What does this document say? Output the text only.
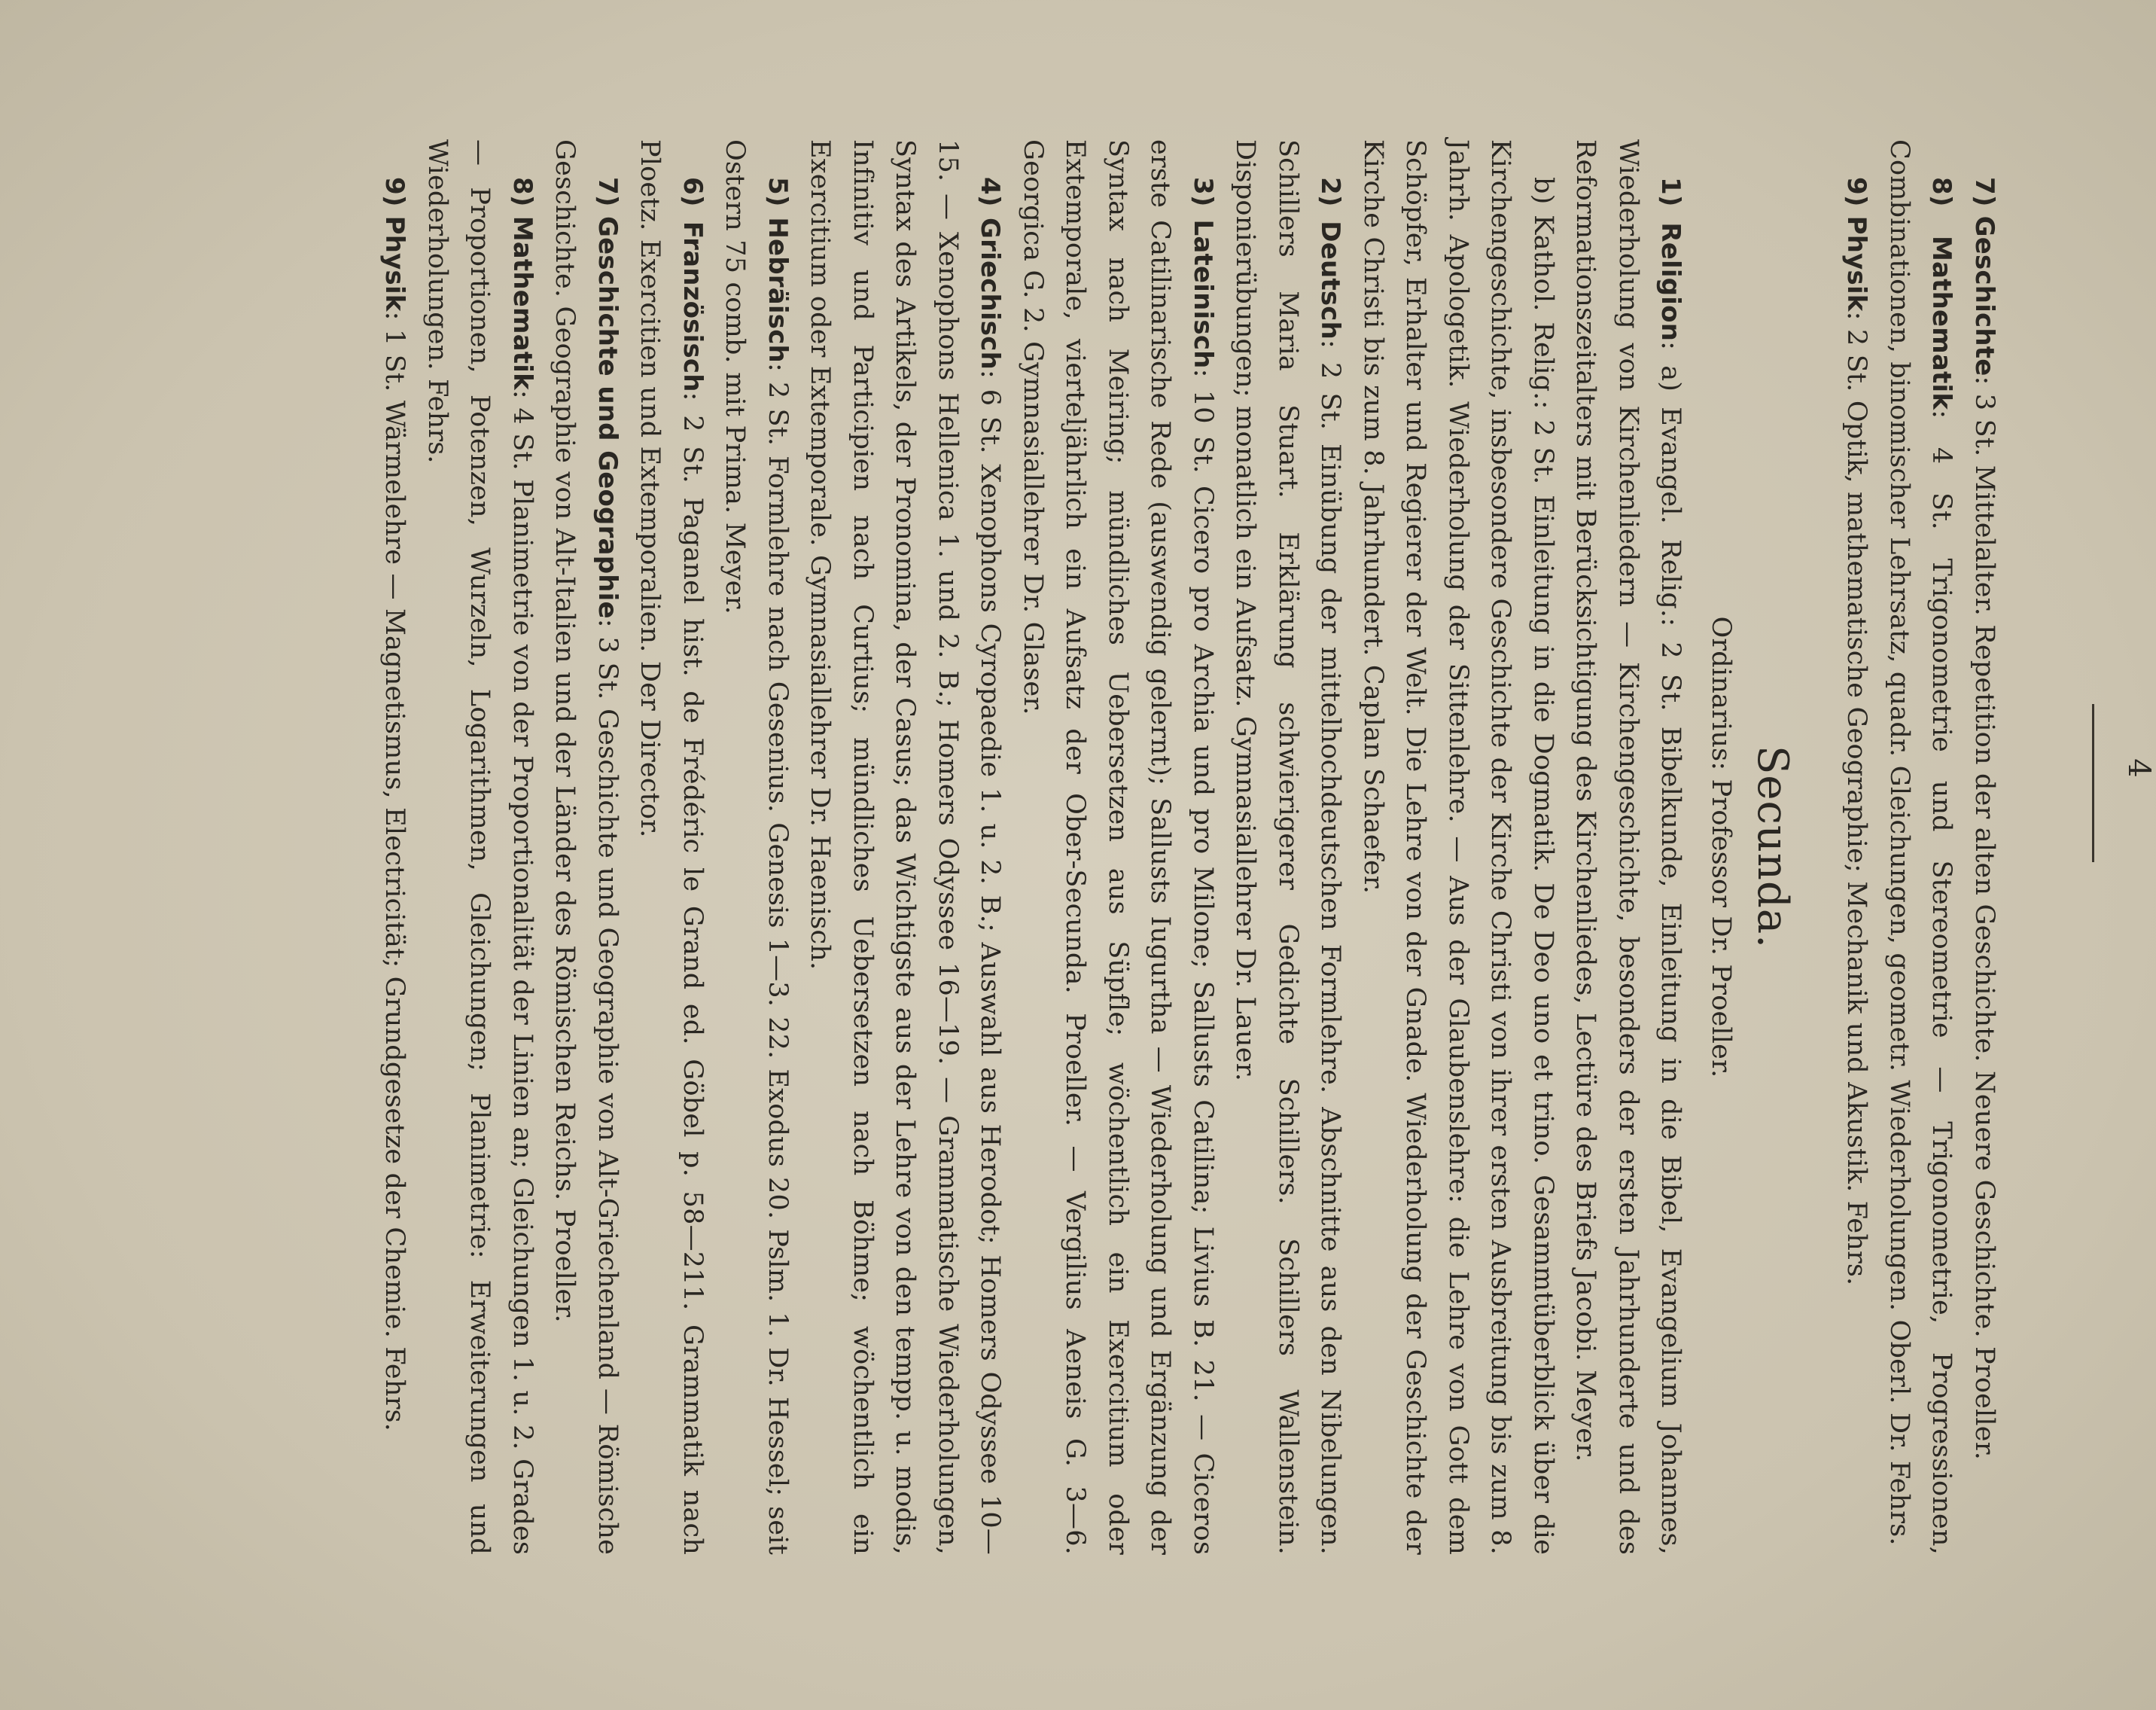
4

7) Geschichte: 3 St. Mittelalter. Repetition der alten Geschichte. Neuere Geschichte. Proeller.

8) Mathematik: 4 St. Trigonometrie und Stereometrie — Trigonometrie, Progressionen, Combinationen, binomischer Lehrsatz, quadr. Gleichungen, geometr. Wiederholungen. Oberl. Dr. Fehrs.

9) Physik: 2 St. Optik, mathematische Geographie; Mechanik und Akustik. Fehrs.

Secunda.
Ordinarius: Professor Dr. Proeller.

1) Religion: a) Evangel. Relig.: 2 St. Bibelkunde, Einleitung in die Bibel, Evangelium Johannes, Wiederholung von Kirchenliedern — Kirchengeschichte, besonders der ersten Jahrhunderte und des Reformationszeitalters mit Berücksichtigung des Kirchenliedes, Lectüre des Briefs Jacobi. Meyer.

b) Kathol. Relig.: 2 St. Einleitung in die Dogmatik. De Deo uno et trino. Gesammtüberblick über die Kirchengeschichte, insbesondere Geschichte der Kirche Christi von ihrer ersten Ausbreitung bis zum 8. Jahrh. Apologetik. Wiederholung der Sittenlehre. — Aus der Glaubenslehre: die Lehre von Gott dem Schöpfer, Erhalter und Regierer der Welt. Die Lehre von der Gnade. Wiederholung der Geschichte der Kirche Christi bis zum 8. Jahrhundert. Caplan Schaefer.

2) Deutsch: 2 St. Einübung der mittelhochdeutschen Formlehre. Abschnitte aus den Nibelungen. Schillers Maria Stuart. Erklärung schwierigerer Gedichte Schillers. Schillers Wallenstein. Disponierübungen; monatlich ein Aufsatz. Gymnasiallehrer Dr. Lauer.

3) Lateinisch: 10 St. Cicero pro Archia und pro Milone; Sallusts Catilina; Livius B. 21. — Ciceros erste Catilinarische Rede (auswendig gelernt); Sallusts Iugurtha — Wiederholung und Ergänzung der Syntax nach Meiring; mündliches Uebersetzen aus Süpfle; wöchentlich ein Exercitium oder Extemporale, vierteljährlich ein Aufsatz der Ober-Secunda. Proeller. — Vergilius Aeneis G. 3—6. Georgica G. 2. Gymnasiallehrer Dr. Glaser.

4) Griechisch: 6 St. Xenophons Cyropaedie 1. u. 2. B.; Auswahl aus Herodot; Homers Odyssee 10—15. — Xenophons Hellenica 1. und 2. B.; Homers Odyssee 16—19. — Grammatische Wiederholungen, Syntax des Artikels, der Pronomina, der Casus; das Wichtigste aus der Lehre von den tempp. u. modis, Infinitiv und Participien nach Curtius; mündliches Uebersetzen nach Böhme; wöchentlich ein Exercitium oder Extemporale. Gymnasiallehrer Dr. Haenisch.

5) Hebräisch: 2 St. Formlehre nach Gesenius. Genesis 1—3. 22. Exodus 20. Pslm. 1. Dr. Hessel; seit Ostern 75 comb. mit Prima. Meyer.

6) Französisch: 2 St. Paganel hist. de Frédéric le Grand ed. Göbel p. 58—211. Grammatik nach Ploetz. Exercitien und Extemporalien. Der Director.

7) Geschichte und Geographie: 3 St. Geschichte und Geographie von Alt-Griechenland — Römische Geschichte. Geographie von Alt-Italien und der Länder des Römischen Reichs. Proeller.

8) Mathematik: 4 St. Planimetrie von der Proportionalität der Linien an; Gleichungen 1. u. 2. Grades — Proportionen, Potenzen, Wurzeln, Logarithmen, Gleichungen; Planimetrie: Erweiterungen und Wiederholungen. Fehrs.

9) Physik: 1 St. Wärmelehre — Magnetismus, Electricität; Grundgesetze der Chemie. Fehrs.
